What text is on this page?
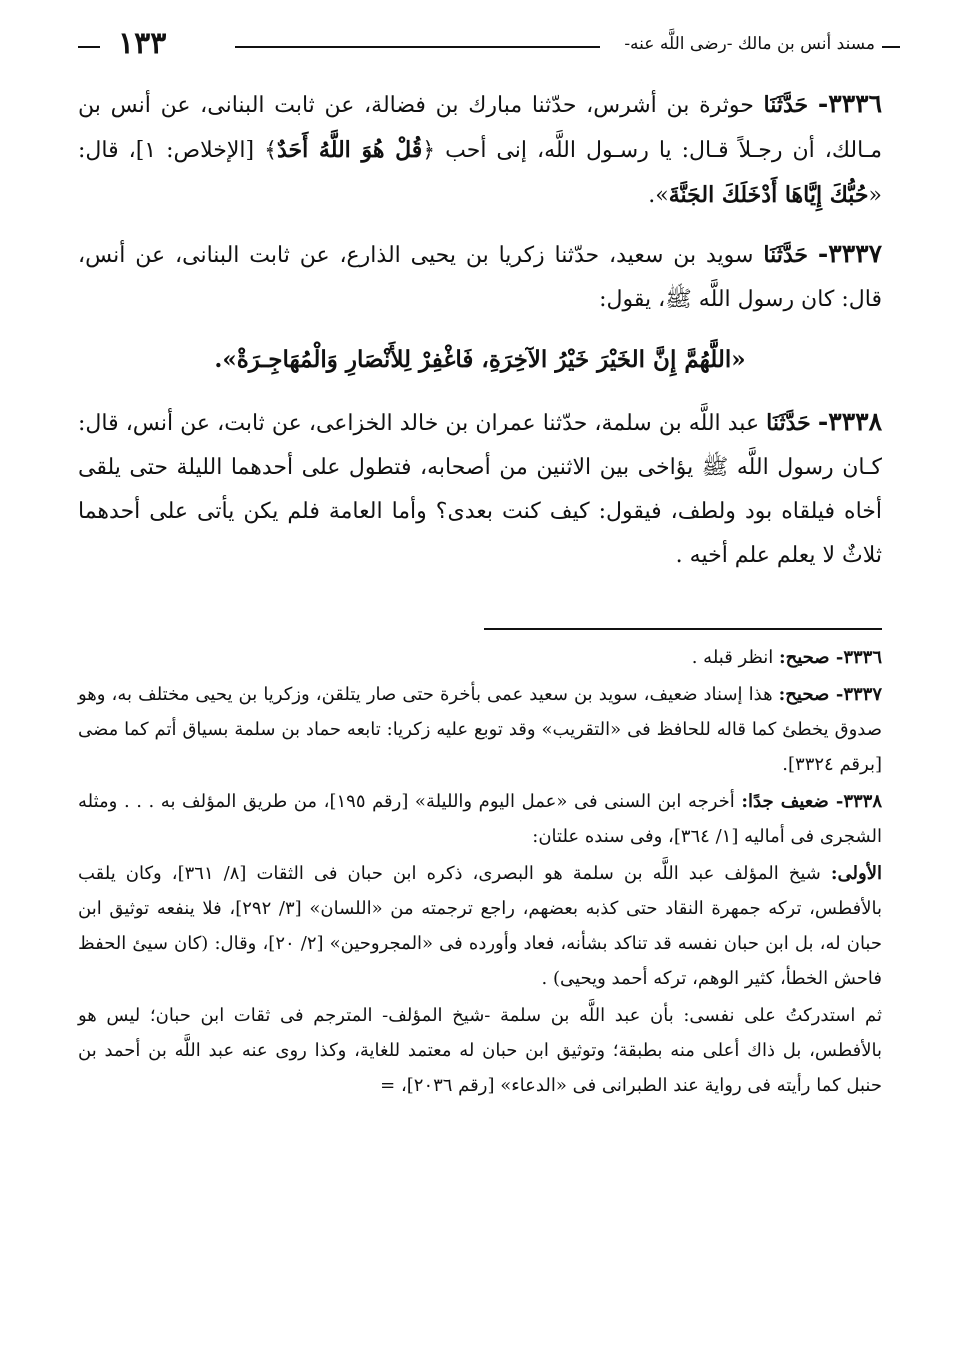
مسند أنس بن مالك -رضى اللَّه عنه-
١٣٣

٣٣٣٦- حَدَّثَنَا حوثرة بن أشرس، حدّثنا مبارك بن فضالة، عن ثابت البنانى، عن أنس بن مـالك، أن رجـلاً قـال: يا رسـول اللَّه، إنى أحب ﴿قُلْ هُوَ اللَّهُ أَحَدٌ﴾ [الإخلاص: ١]، قال: «حُبُّكَ إِيَّاهَا أَدْخَلَكَ الجَنَّةَ».

٣٣٣٧- حَدَّثَنَا سويد بن سعيد، حدّثنا زكريا بن يحيى الذارع، عن ثابت البنانى، عن أنس، قال: كان رسول اللَّه ﷺ، يقول:

«اللَّهُمَّ إِنَّ الخَيْرَ خَيْرُ الآخِرَةِ، فَاغْفِرْ لِلأَنْصَارِ وَالْمُهَاجِـرَةْ».

٣٣٣٨- حَدَّثَنَا عبد اللَّه بن سلمة، حدّثنا عمران بن خالد الخزاعى، عن ثابت، عن أنس، قال: كـان رسول اللَّه ﷺ يؤاخى بين الاثنين من أصحابه، فتطول على أحدهما الليلة حتى يلقى أخاه فيلقاه بود ولطف، فيقول: كيف كنت بعدى؟ وأما العامة فلم يكن يأتى على أحدهما ثلاثٌ لا يعلم علم أخيه .

٣٣٣٦- صحيح: انظر قبله .

٣٣٣٧- صحيح: هذا إسناد ضعيف، سويد بن سعيد عمى بأخرة حتى صار يتلقن، وزكريا بن يحيى مختلف به، وهو صدوق يخطئ كما قاله للحافظ فى «التقريب» وقد توبع عليه زكريا: تابعه حماد بن سلمة بسياق أتم كما مضى [برقم ٣٣٢٤].

٣٣٣٨- ضعيف جدًا: أخرجه ابن السنى فى «عمل اليوم والليلة» [رقم ١٩٥]، من طريق المؤلف به . . . ومثله الشجرى فى أماليه [١/ ٣٦٤]، وفى سنده علتان:

الأولى: شيخ المؤلف عبد اللَّه بن سلمة هو البصرى، ذكره ابن حبان فى الثقات [٨/ ٣٦١]، وكان يلقب بالأفطس، تركه جمهرة النقاد حتى كذبه بعضهم، راجع ترجمته من «اللسان» [٣/ ٢٩٢]، فلا ينفعه توثيق ابن حبان له، بل ابن حبان نفسه قد تناكد بشأنه، فعاد وأورده فى «المجروحين» [٢/ ٢٠]، وقال: (كان سيئ الحفظ فاحش الخطأ، كثير الوهم، تركه أحمد ويحيى) .

ثم استدركتُ على نفسى: بأن عبد اللَّه بن سلمة -شيخ المؤلف- المترجم فى ثقات ابن حبان؛ ليس هو بالأفطس، بل ذاك أعلى منه بطبقة؛ وتوثيق ابن حبان له معتمد للغاية، وكذا روى عنه عبد اللَّه بن أحمد بن حنبل كما رأيته فى رواية عند الطبرانى فى «الدعاء» [رقم ٢٠٣٦]، =
